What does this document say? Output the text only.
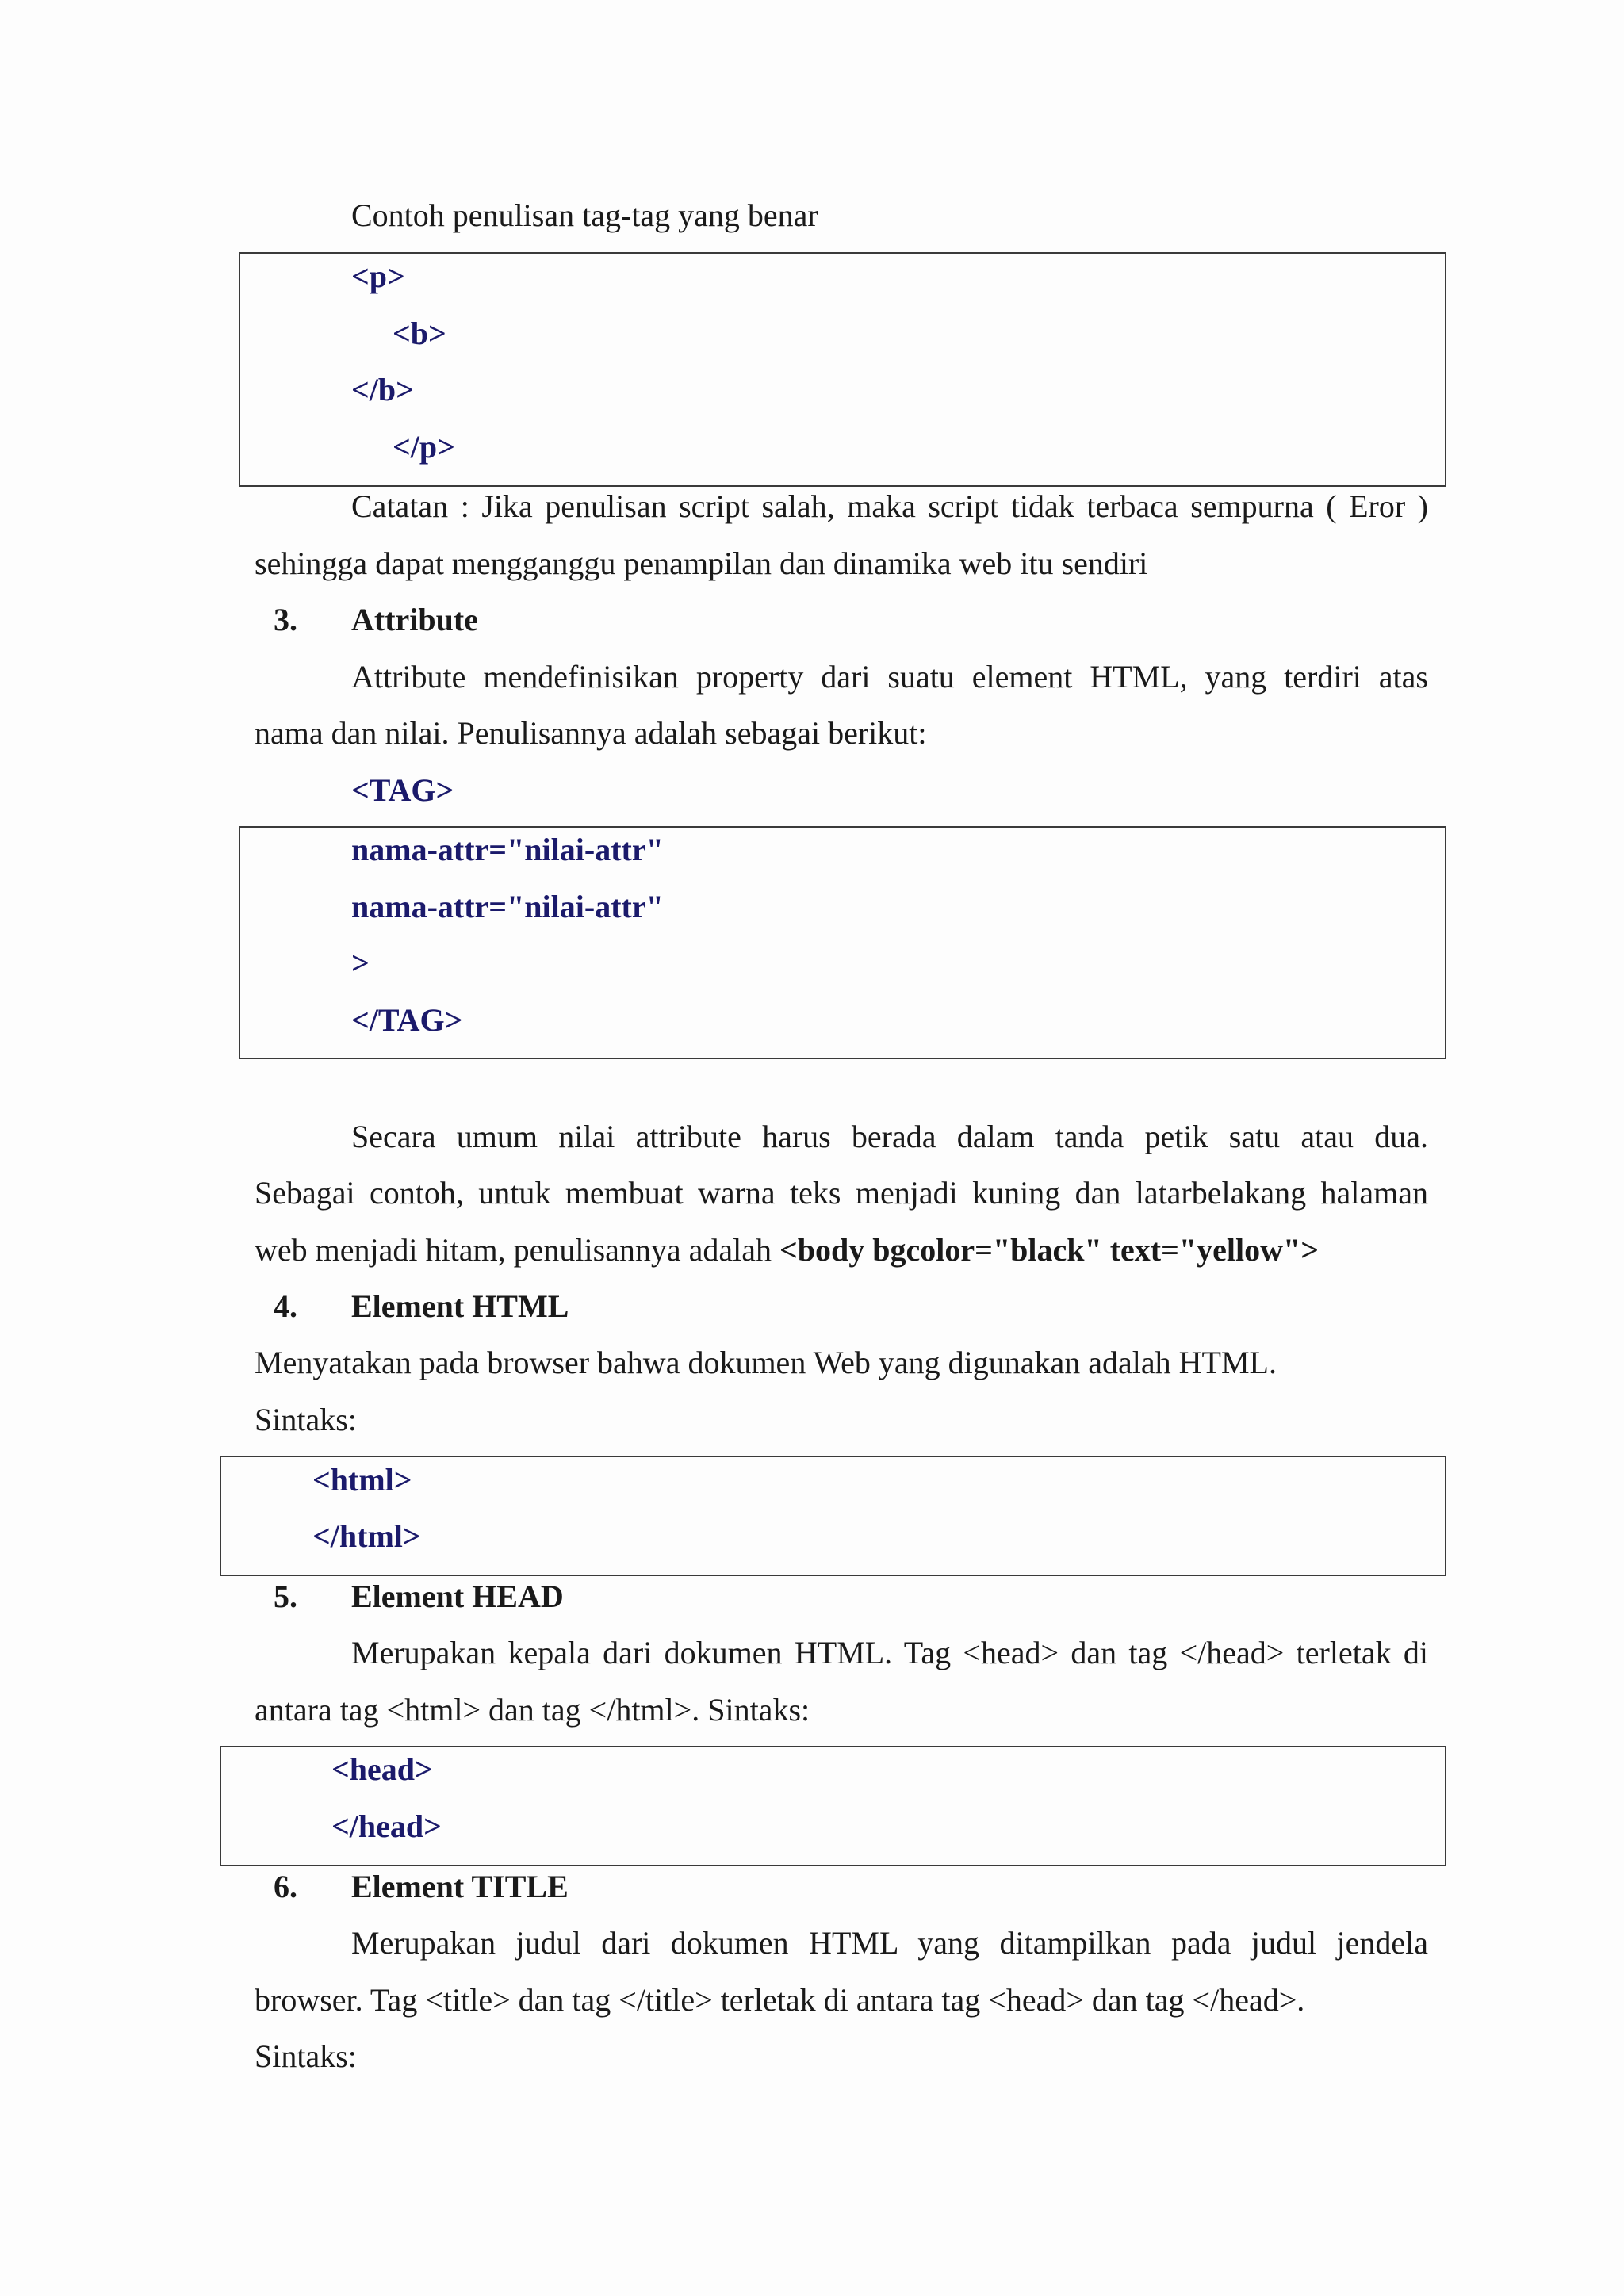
Contoh penulisan tag-tag yang benar
<p>
<b>
</b>
</p>
Catatan : Jika penulisan script salah, maka script tidak terbaca sempurna ( Eror )
sehingga dapat mengganggu penampilan dan dinamika web itu sendiri
3. Attribute
Attribute mendefinisikan property dari suatu element HTML, yang terdiri atas
nama dan nilai. Penulisannya adalah sebagai berikut:
<TAG>
nama-attr="nilai-attr"
nama-attr="nilai-attr"
>
</TAG>
Secara umum nilai attribute harus berada dalam tanda petik satu atau dua.
Sebagai contoh, untuk membuat warna teks menjadi kuning dan latarbelakang halaman
web menjadi hitam, penulisannya adalah <body bgcolor="black" text="yellow">
4. Element HTML
Menyatakan pada browser bahwa dokumen Web yang digunakan adalah HTML.
Sintaks:
<html>
</html>
5. Element HEAD
Merupakan kepala dari dokumen HTML. Tag <head> dan tag </head> terletak di
antara tag <html> dan tag </html>. Sintaks:
<head>
</head>
6. Element TITLE
Merupakan judul dari dokumen HTML yang ditampilkan pada judul jendela
browser. Tag <title> dan tag </title> terletak di antara tag <head> dan tag </head>.
Sintaks:
